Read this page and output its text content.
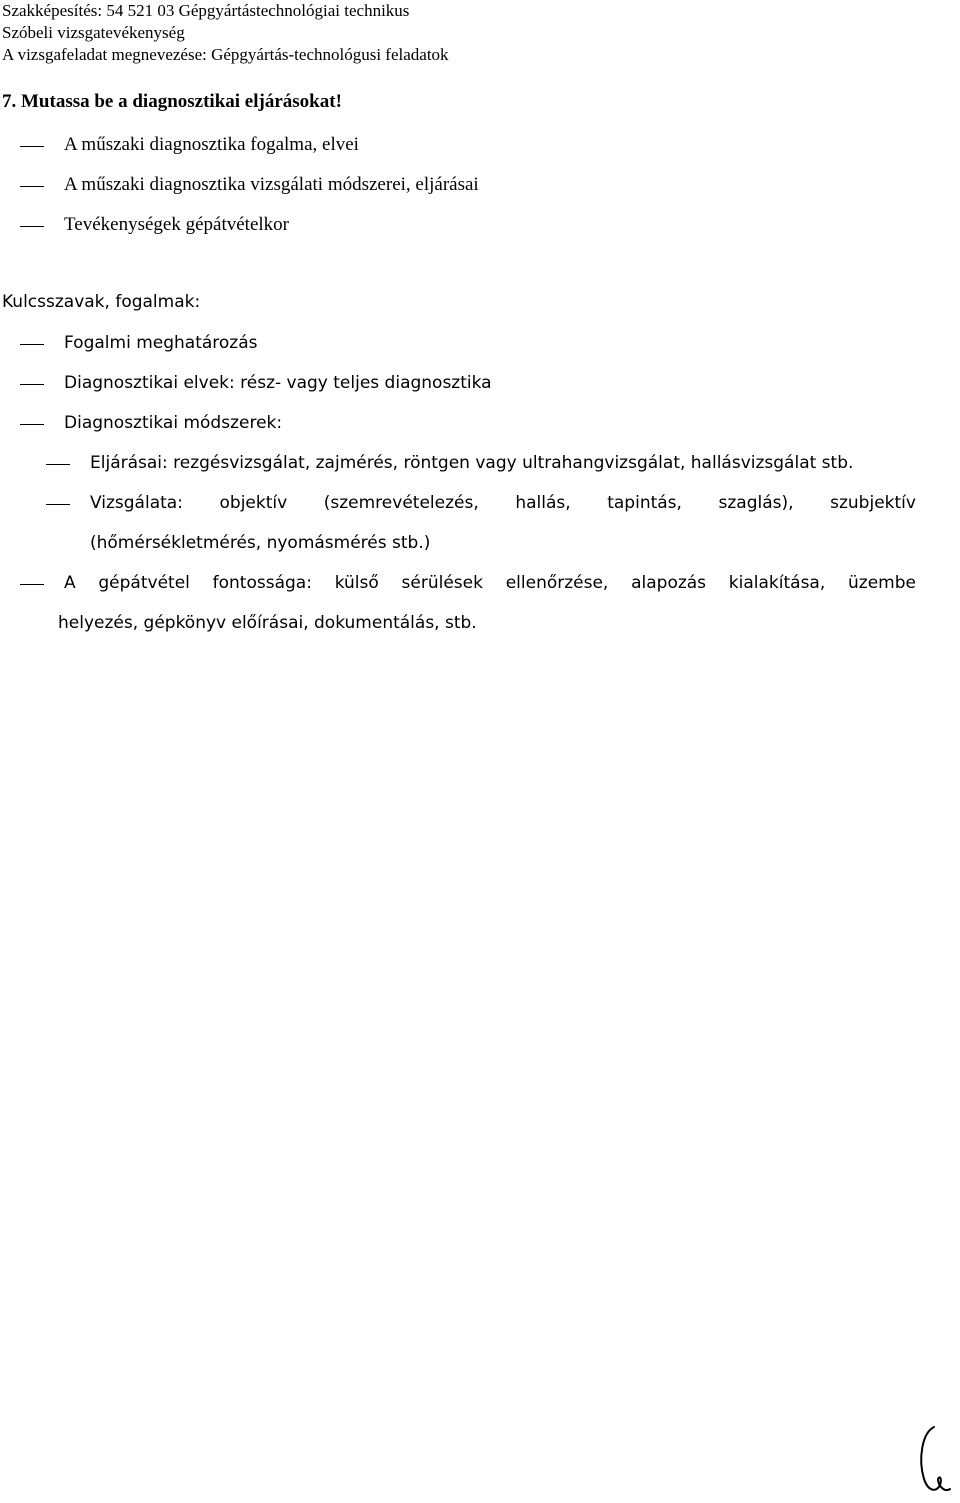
Szakképesítés: 54 521 03 Gépgyártástechnológiai technikus
Szóbeli vizsgatevékenység
A vizsgafeladat megnevezése: Gépgyártás-technológusi feladatok
7. Mutassa be a diagnosztikai eljárásokat!
A műszaki diagnosztika fogalma, elvei
A műszaki diagnosztika vizsgálati módszerei, eljárásai
Tevékenységek gépátvételkor
Kulcsszavak, fogalmak:
Fogalmi meghatározás
Diagnosztikai elvek: rész- vagy teljes diagnosztika
Diagnosztikai módszerek:
Eljárásai: rezgésvizsgálat, zajmérés, röntgen vagy ultrahangvizsgálat, hallásvizsgálat stb.
Vizsgálata: objektív (szemrevételezés, hallás, tapintás, szaglás), szubjektív
(hőmérsékletmérés, nyomásmérés stb.)
A gépátvétel fontossága: külső sérülések ellenőrzése, alapozás kialakítása, üzembe
helyezés, gépkönyv előírásai, dokumentálás, stb.
